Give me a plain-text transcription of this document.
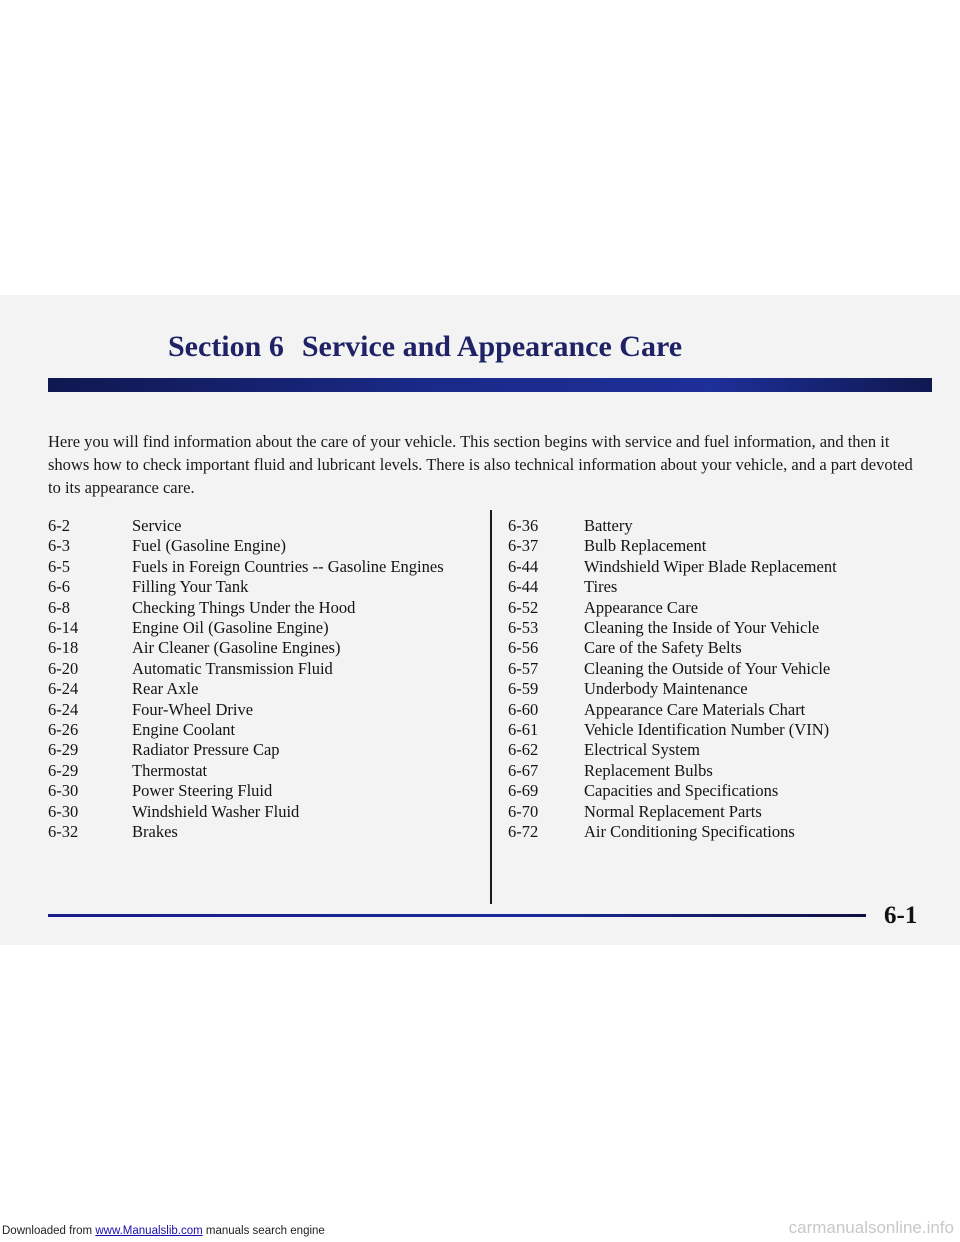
Section 6 Service and Appearance Care

Here you will find information about the care of your vehicle. This section begins with service and fuel information, and then it shows how to check important fluid and lubricant levels. There is also technical information about your vehicle, and a part devoted to its appearance care.

6-2	Service
6-3	Fuel (Gasoline Engine)
6-5	Fuels in Foreign Countries -- Gasoline Engines
6-6	Filling Your Tank
6-8	Checking Things Under the Hood
6-14	Engine Oil (Gasoline Engine)
6-18	Air Cleaner (Gasoline Engines)
6-20	Automatic Transmission Fluid
6-24	Rear Axle
6-24	Four-Wheel Drive
6-26	Engine Coolant
6-29	Radiator Pressure Cap
6-29	Thermostat
6-30	Power Steering Fluid
6-30	Windshield Washer Fluid
6-32	Brakes
6-36	Battery
6-37	Bulb Replacement
6-44	Windshield Wiper Blade Replacement
6-44	Tires
6-52	Appearance Care
6-53	Cleaning the Inside of Your Vehicle
6-56	Care of the Safety Belts
6-57	Cleaning the Outside of Your Vehicle
6-59	Underbody Maintenance
6-60	Appearance Care Materials Chart
6-61	Vehicle Identification Number (VIN)
6-62	Electrical System
6-67	Replacement Bulbs
6-69	Capacities and Specifications
6-70	Normal Replacement Parts
6-72	Air Conditioning Specifications

6-1

Downloaded from www.Manualslib.com manuals search engine	carmanualsonline.info
